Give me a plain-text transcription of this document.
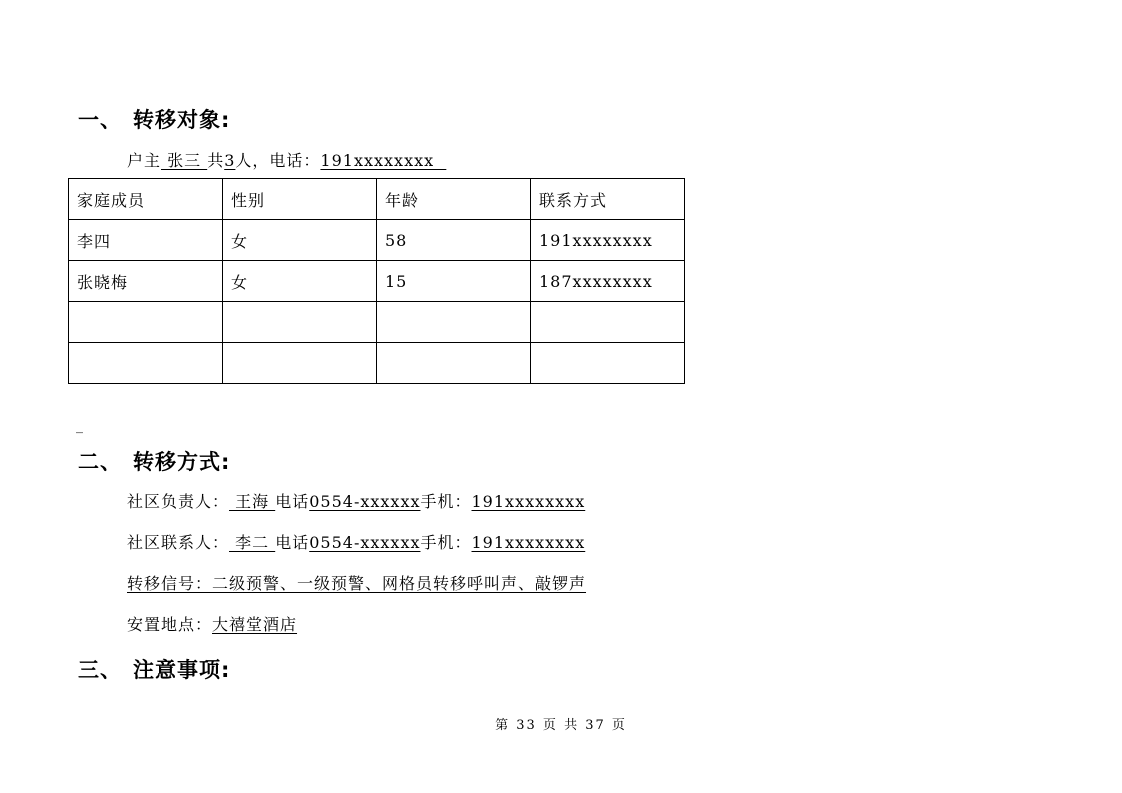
一、 转移对象:
户主 张三 共3人，电话：191xxxxxxxx
家庭成员	性别	年龄	联系方式
李四	女	58	191xxxxxxxx
张晓梅	女	15	187xxxxxxxx

_
二、 转移方式:
社区负责人： 王海 电话0554-xxxxxx手机：191xxxxxxxx
社区联系人： 李二 电话0554-xxxxxx手机：191xxxxxxxx
转移信号：二级预警、一级预警、网格员转移呼叫声、敲锣声
安置地点：大禧堂酒店
三、 注意事项:
第 33 页 共 37 页
